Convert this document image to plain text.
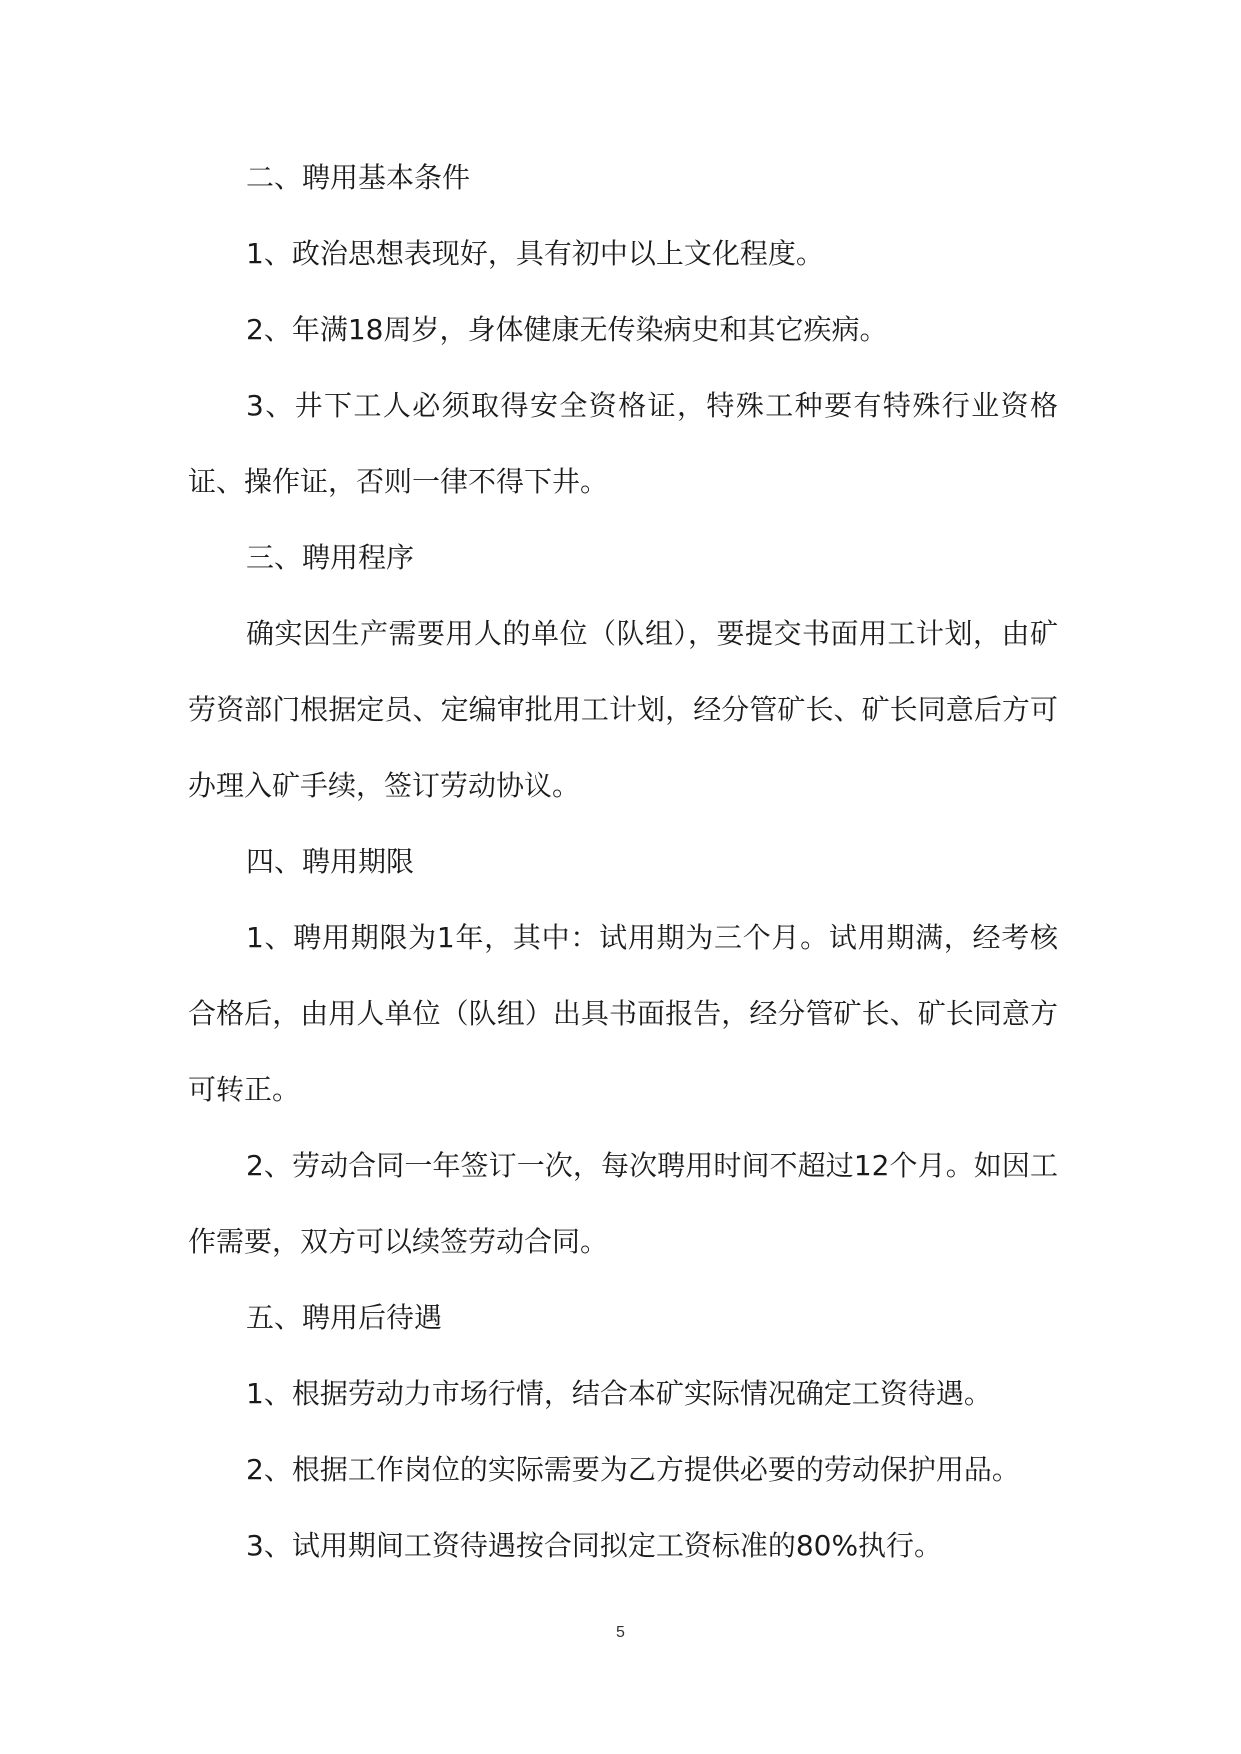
二、聘用基本条件

1、政治思想表现好，具有初中以上文化程度。

2、年满18周岁，身体健康无传染病史和其它疾病。

3、井下工人必须取得安全资格证，特殊工种要有特殊行业资格证、操作证，否则一律不得下井。

三、聘用程序

确实因生产需要用人的单位（队组），要提交书面用工计划，由矿劳资部门根据定员、定编审批用工计划，经分管矿长、矿长同意后方可办理入矿手续，签订劳动协议。

四、聘用期限

1、聘用期限为1年，其中：试用期为三个月。试用期满，经考核合格后，由用人单位（队组）出具书面报告，经分管矿长、矿长同意方可转正。

2、劳动合同一年签订一次，每次聘用时间不超过12个月。如因工作需要，双方可以续签劳动合同。

五、聘用后待遇

1、根据劳动力市场行情，结合本矿实际情况确定工资待遇。

2、根据工作岗位的实际需要为乙方提供必要的劳动保护用品。

3、试用期间工资待遇按合同拟定工资标准的80%执行。

5
